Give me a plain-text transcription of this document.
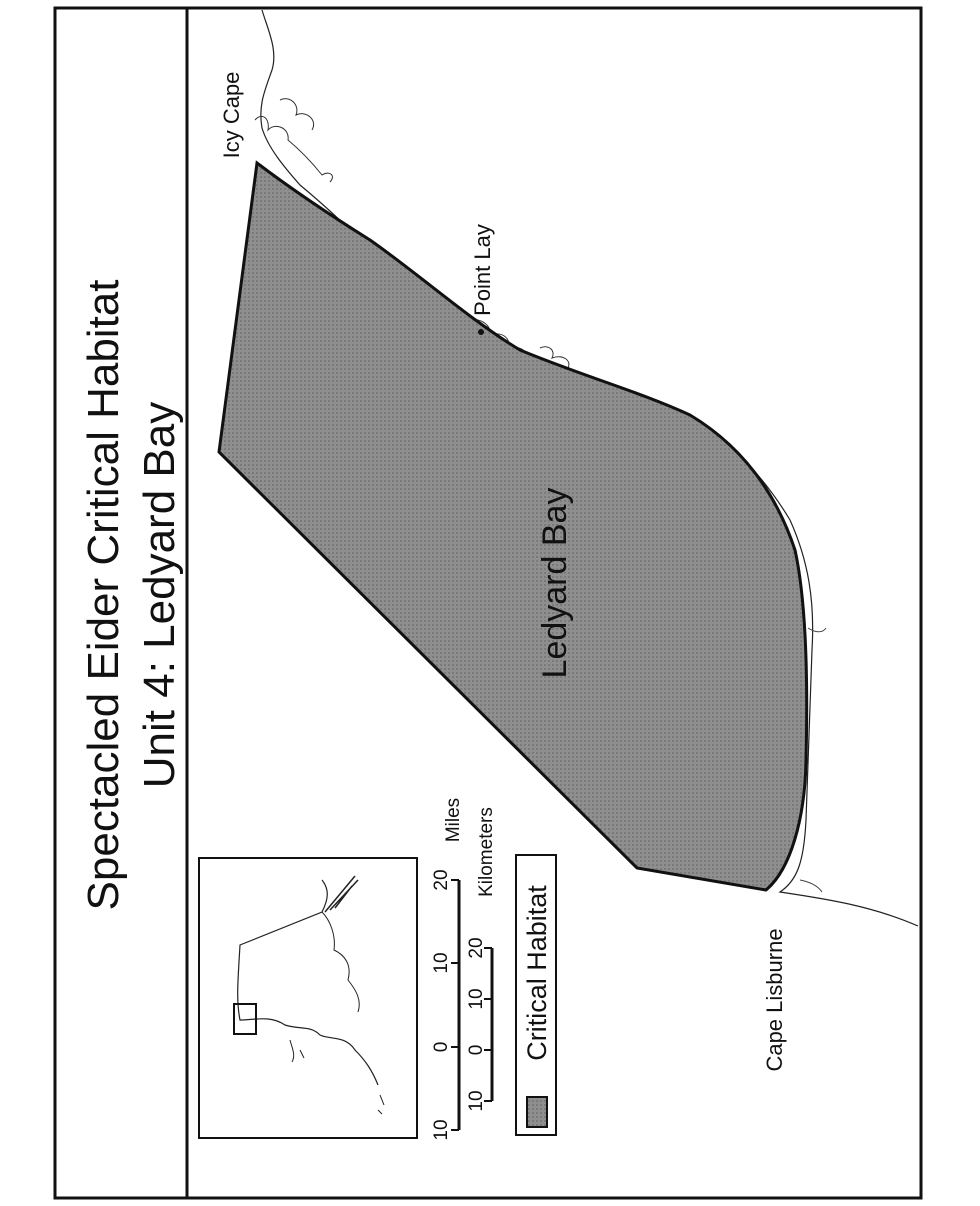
Spectacled Eider Critical Habitat Unit 4: Ledyard Bay	Ledyard Bay
Icy Cape
Point Lay
Cape Lisburne
10
0
10
20
Miles
10
0
10
20
Kilometers
Critical Habitat
